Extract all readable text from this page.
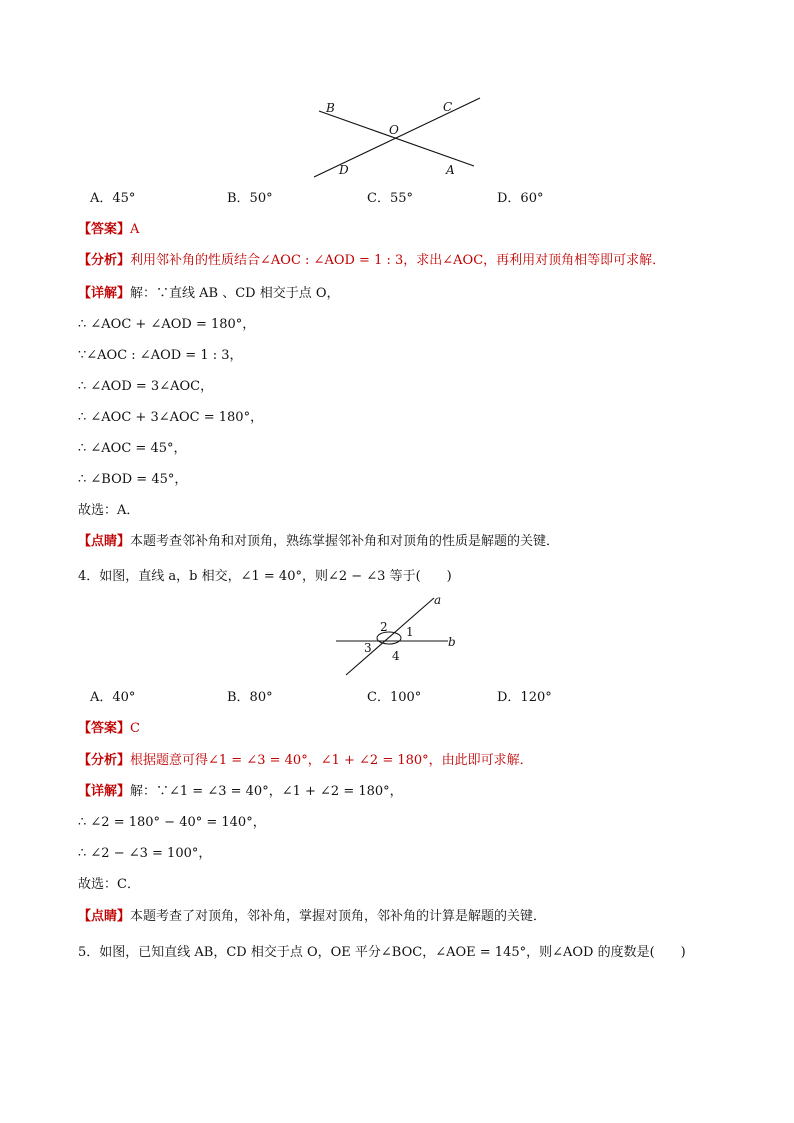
B	C
O
D	A
A．45°	B．50°	C．55°	D．60°
【答案】A
【分析】利用邻补角的性质结合∠AOC : ∠AOD = 1 : 3，求出∠AOC，再利用对顶角相等即可求解．
【详解】解：∵直线 AB 、CD 相交于点 O，
∴ ∠AOC + ∠AOD = 180°，
∵∠AOC : ∠AOD = 1 : 3，
∴ ∠AOD = 3∠AOC，
∴ ∠AOC + 3∠AOC = 180°，
∴ ∠AOC = 45°，
∴ ∠BOD = 45°，
故选：A．
【点睛】本题考查邻补角和对顶角，熟练掌握邻补角和对顶角的性质是解题的关键．
4．如图，直线 a，b 相交，∠1 = 40°，则∠2 − ∠3 等于(　　)
a
b
1
2
3
4
A．40°	B．80°	C．100°	D．120°
【答案】C
【分析】根据题意可得∠1 = ∠3 = 40°，∠1 + ∠2 = 180°，由此即可求解．
【详解】解：∵∠1 = ∠3 = 40°，∠1 + ∠2 = 180°，
∴ ∠2 = 180° − 40° = 140°，
∴ ∠2 − ∠3 = 100°，
故选：C．
【点睛】本题考查了对顶角，邻补角，掌握对顶角，邻补角的计算是解题的关键．
5．如图，已知直线 AB，CD 相交于点 O，OE 平分∠BOC，∠AOE = 145°，则∠AOD 的度数是(　　)
